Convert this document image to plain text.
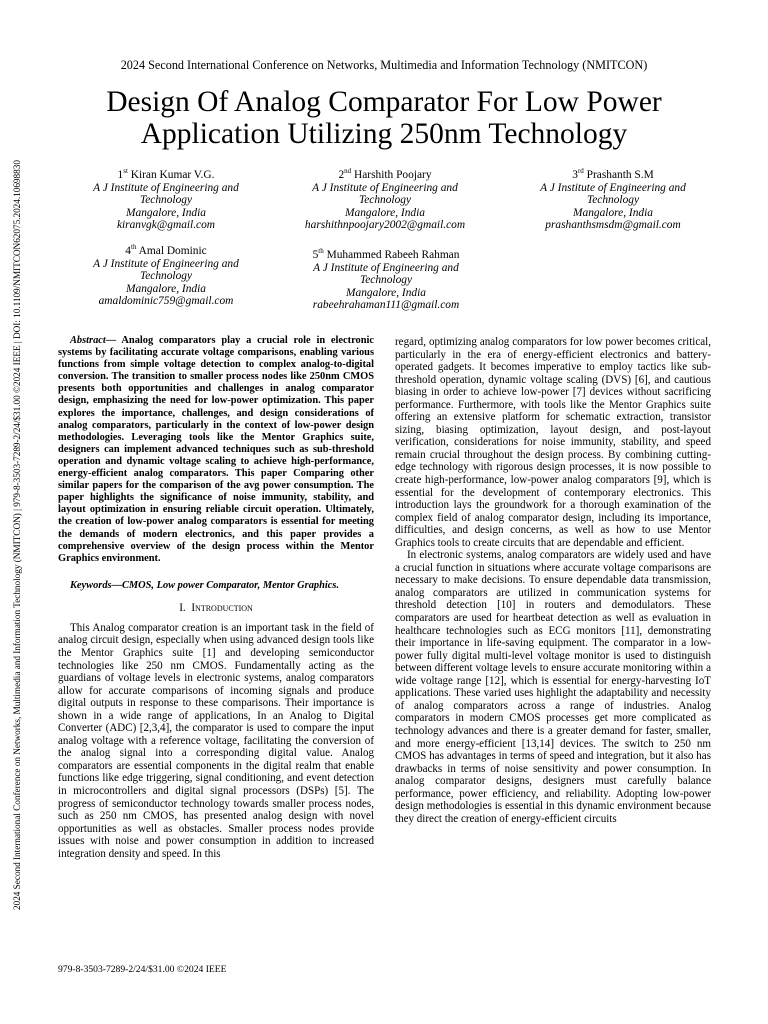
2024 Second International Conference on Networks, Multimedia and Information Technology (NMITCON) | 979-8-3503-7289-2/24/$31.00 ©2024 IEEE | DOI: 10.1109/NMITCON62075.2024.10698830
2024 Second International Conference on Networks, Multimedia and Information Technology (NMITCON)
Design Of Analog Comparator For Low Power Application Utilizing 250nm Technology
1st Kiran Kumar V.G.
A J Institute of Engineering and Technology
Mangalore, India
kiranvgk@gmail.com
2nd Harshith Poojary
A J Institute of Engineering and Technology
Mangalore, India
harshithnpoojary2002@gmail.com
3rd Prashanth S.M
A J Institute of Engineering and Technology
Mangalore, India
prashanthsmsdm@gmail.com
4th Amal Dominic
A J Institute of Engineering and Technology
Mangalore, India
amaldominic759@gmail.com
5th Muhammed Rabeeh Rahman
A J Institute of Engineering and Technology
Mangalore, India
rabeehrahaman111@gmail.com

Abstract— Analog comparators play a crucial role in electronic systems by facilitating accurate voltage comparisons, enabling various functions from simple voltage detection to complex analog-to-digital conversion. The transition to smaller process nodes like 250nm CMOS presents both opportunities and challenges in analog comparator design, emphasizing the need for low-power optimization. This paper explores the importance, challenges, and design considerations of analog comparators, particularly in the context of low-power design methodologies. Leveraging tools like the Mentor Graphics suite, designers can implement advanced techniques such as sub-threshold operation and dynamic voltage scaling to achieve high-performance, energy-efficient analog comparators. This paper Comparing other similar papers for the comparison of the avg power consumption. The paper highlights the significance of noise immunity, stability, and layout optimization in ensuring reliable circuit operation. Ultimately, the creation of low-power analog comparators is essential for meeting the demands of modern electronics, and this paper provides a comprehensive overview of the design process within the Mentor Graphics environment.

Keywords—CMOS, Low power Comparator, Mentor Graphics.

I. Introduction

This Analog comparator creation is an important task in the field of analog circuit design, especially when using advanced design tools like the Mentor Graphics suite [1] and developing semiconductor technologies like 250 nm CMOS. Fundamentally acting as the guardians of voltage levels in electronic systems, analog comparators allow for accurate comparisons of incoming signals and produce digital outputs in response to these comparisons. Their importance is shown in a wide range of applications, In an Analog to Digital Converter (ADC) [2,3,4], the comparator is used to compare the input analog voltage with a reference voltage, facilitating the conversion of the analog signal into a corresponding digital value. Analog comparators are essential components in the digital realm that enable functions like edge triggering, signal conditioning, and event detection in microcontrollers and digital signal processors (DSPs) [5]. The progress of semiconductor technology towards smaller process nodes, such as 250 nm CMOS, has presented analog design with novel opportunities as well as obstacles. Smaller process nodes provide issues with noise and power consumption in addition to increased integration density and speed. In this

regard, optimizing analog comparators for low power becomes critical, particularly in the era of energy-efficient electronics and battery-operated gadgets. It becomes imperative to employ tactics like sub-threshold operation, dynamic voltage scaling (DVS) [6], and cautious biasing in order to achieve low-power [7] devices without sacrificing performance. Furthermore, with tools like the Mentor Graphics suite offering an extensive platform for schematic extraction, transistor sizing, biasing optimization, layout design, and post-layout verification, considerations for noise immunity, stability, and speed remain crucial throughout the design process. By combining cutting-edge technology with rigorous design processes, it is now possible to create high-performance, low-power analog comparators [9], which is essential for the development of contemporary electronics. This introduction lays the groundwork for a thorough examination of the complex field of analog comparator design, including its importance, difficulties, and design concerns, as well as how to use Mentor Graphics tools to create circuits that are dependable and efficient.

In electronic systems, analog comparators are widely used and have a crucial function in situations where accurate voltage comparisons are necessary to make decisions. To ensure dependable data transmission, analog comparators are utilized in communication systems for threshold detection [10] in routers and demodulators. These comparators are used for heartbeat detection as well as evaluation in healthcare technologies such as ECG monitors [11], demonstrating their importance in life-saving equipment. The comparator in a low-power fully digital multi-level voltage monitor is used to distinguish between different voltage levels to ensure accurate monitoring within a wide voltage range [12], which is essential for energy-harvesting IoT applications. These varied uses highlight the adaptability and necessity of analog comparators across a range of industries. Analog comparators in modern CMOS processes get more complicated as technology advances and there is a greater demand for faster, smaller, and more energy-efficient [13,14] devices. The switch to 250 nm CMOS has advantages in terms of speed and integration, but it also has drawbacks in terms of noise sensitivity and power consumption. In analog comparator designs, designers must carefully balance performance, power efficiency, and reliability. Adopting low-power design methodologies is essential in this dynamic environment because they direct the creation of energy-efficient circuits

979-8-3503-7289-2/24/$31.00 ©2024 IEEE
